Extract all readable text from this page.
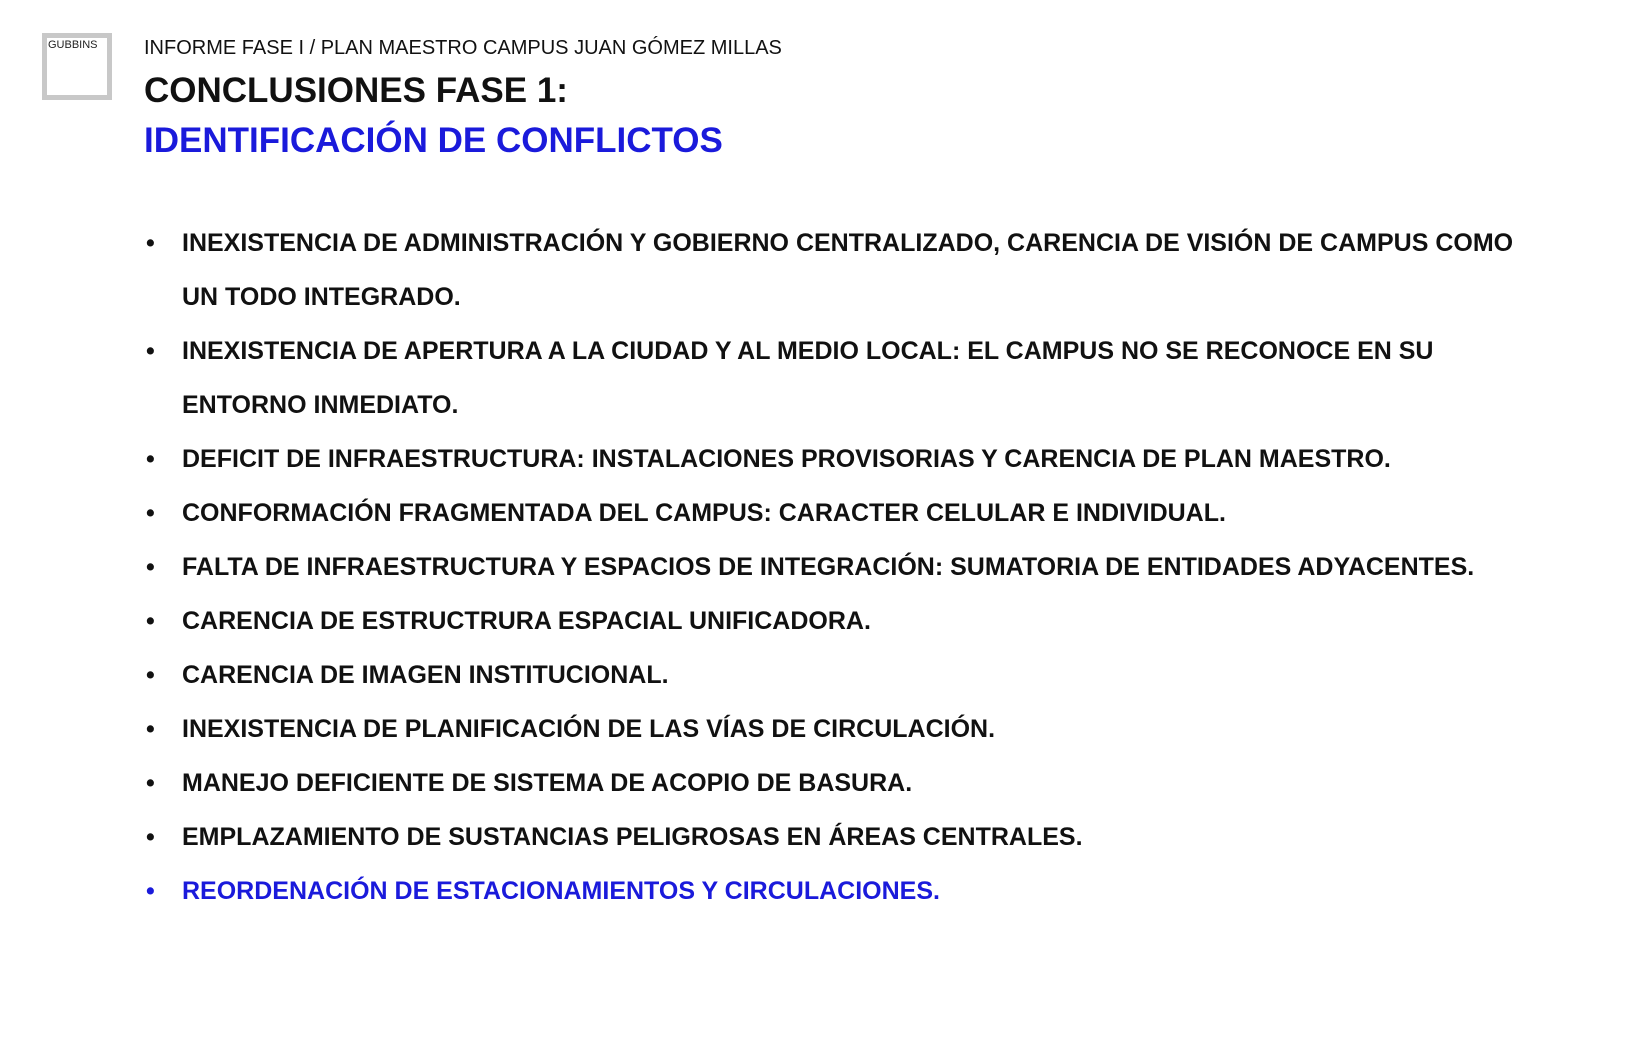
GUBBINS INFORME FASE I / PLAN MAESTRO CAMPUS JUAN GÓMEZ MILLAS
CONCLUSIONES FASE 1:
IDENTIFICACIÓN DE CONFLICTOS
• INEXISTENCIA DE ADMINISTRACIÓN Y GOBIERNO CENTRALIZADO, CARENCIA DE VISIÓN DE CAMPUS COMO UN TODO INTEGRADO.
• INEXISTENCIA DE APERTURA A LA CIUDAD Y AL MEDIO LOCAL: EL CAMPUS NO SE RECONOCE EN SU ENTORNO INMEDIATO.
• DEFICIT DE INFRAESTRUCTURA: INSTALACIONES PROVISORIAS Y CARENCIA DE PLAN MAESTRO.
• CONFORMACIÓN FRAGMENTADA DEL CAMPUS: CARACTER CELULAR E INDIVIDUAL.
• FALTA DE INFRAESTRUCTURA Y ESPACIOS DE INTEGRACIÓN: SUMATORIA DE ENTIDADES ADYACENTES.
• CARENCIA DE ESTRUCTRURA ESPACIAL UNIFICADORA.
• CARENCIA DE IMAGEN INSTITUCIONAL.
• INEXISTENCIA DE PLANIFICACIÓN DE LAS VÍAS DE CIRCULACIÓN.
• MANEJO DEFICIENTE DE SISTEMA DE ACOPIO DE BASURA.
• EMPLAZAMIENTO DE SUSTANCIAS PELIGROSAS EN ÁREAS CENTRALES.
• REORDENACIÓN DE ESTACIONAMIENTOS Y CIRCULACIONES.
